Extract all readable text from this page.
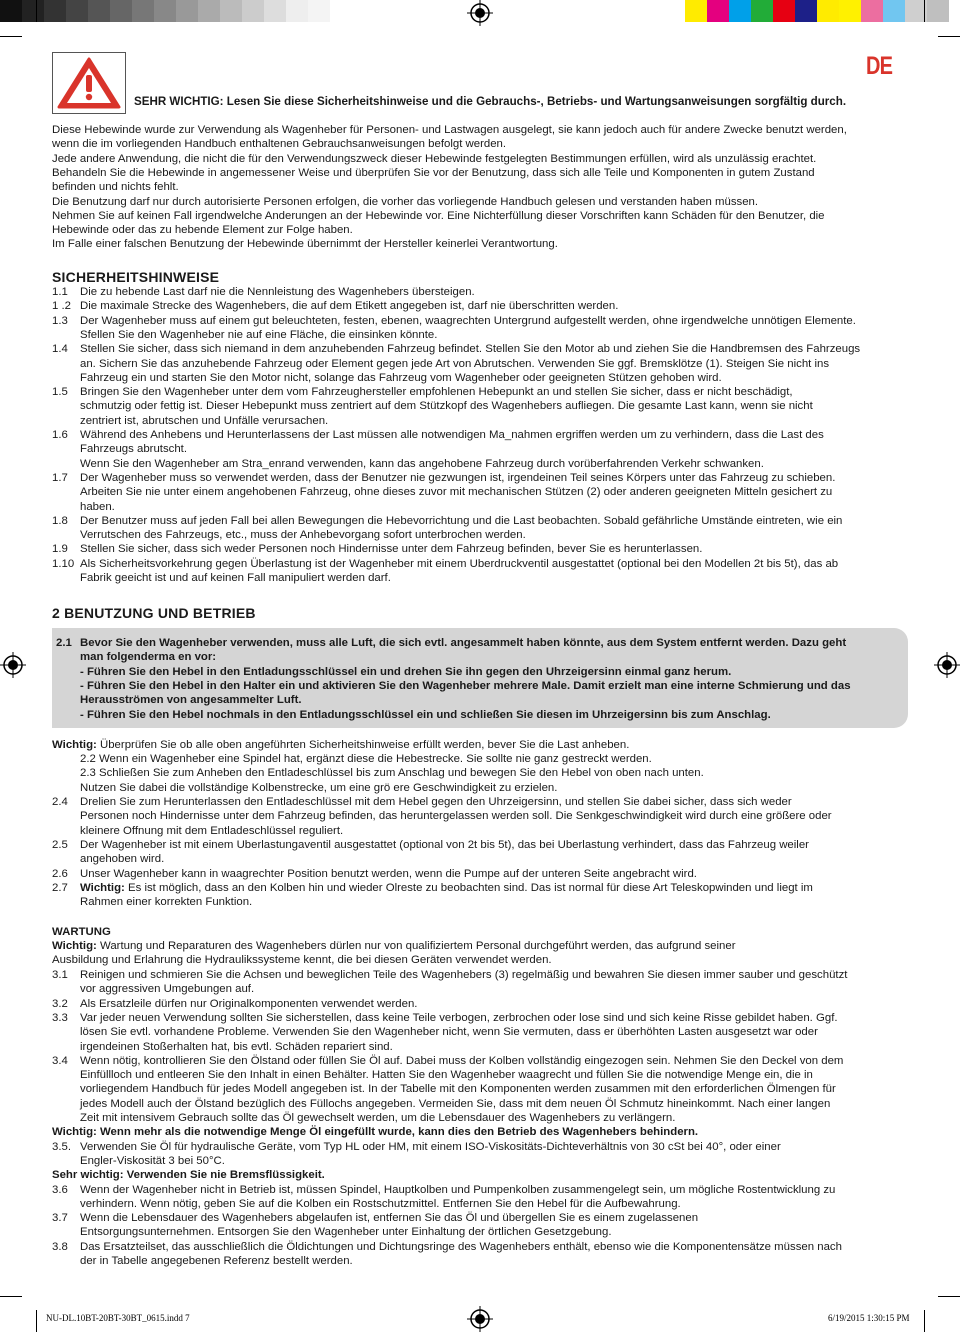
DE
SEHR WICHTIG: Lesen Sie diese Sicherheitshinweise und die Gebrauchs-, Betriebs- und Wartungsanweisungen sorgfältig durch.
Diese Hebewinde wurde zur Verwendung als Wagenheber für Personen- und Lastwagen ausgelegt, sie kann jedoch auch für andere Zwecke benutzt werden,
wenn die im vorliegenden Handbuch enthaltenen Gebrauchsanweisungen befolgt werden.
Jede andere Anwendung, die nicht die für den Verwendungszweck dieser Hebewinde festgelegten Bestimmungen erfüllen, wird als unzulässig erachtet.
Behandeln Sie die Hebewinde in angemessener Weise und überprüfen Sie vor der Benutzung, dass sich alle Teile und Komponenten in gutem Zustand
befinden und nichts fehlt.
Die Benutzung darf nur durch autorisierte Personen erfolgen, die vorher das vorliegende Handbuch gelesen und verstanden haben müssen.
Nehmen Sie auf keinen Fall irgendwelche Anderungen an der Hebewinde vor. Eine Nichterfüllung dieser Vorschriften kann Schäden für den Benutzer, die
Hebewinde oder das zu hebende Element zur Folge haben.
Im Falle einer falschen Benutzung der Hebewinde übernimmt der Hersteller keinerlei Verantwortung.
SICHERHEITSHINWEISE
1.1 Die zu hebende Last darf nie die Nennleistung des Wagenhebers übersteigen.
1 .2 Die maximale Strecke des Wagenhebers, die auf dem Etikett angegeben ist, darf nie überschritten werden.
1.3 Der Wagenheber muss auf einem gut beleuchteten, festen, ebenen, waagrechten Untergrund aufgestellt werden, ohne irgendwelche unnötigen Elemente.
Sfellen Sie den Wagenheber nie auf eine Fläche, die einsinken könnte.
1.4 Stellen Sie sicher, dass sich niemand in dem anzuhebenden Fahrzeug befindet. Stellen Sie den Motor ab und ziehen Sie die Handbremsen des Fahrzeugs
an. Sichern Sie das anzuhebende Fahrzeug oder Element gegen jede Art von Abrutschen. Verwenden Sie ggf. Bremsklötze (1). Steigen Sie nicht ins
Fahrzeug ein und starten Sie den Motor nicht, solange das Fahrzeug vom Wagenheber oder geeigneten Stützen gehoben wird.
1.5 Bringen Sie den Wagenheber unter dem vom Fahrzeughersteller empfohlenen Hebepunkt an und stellen Sie sicher, dass er nicht beschädigt,
schmutzig oder fettig ist. Dieser Hebepunkt muss zentriert auf dem Stützkopf des Wagenhebers aufliegen. Die gesamte Last kann, wenn sie nicht
zentriert ist, abrutschen und Unfälle verursachen.
1.6 Während des Anhebens und Herunterlassens der Last müssen alle notwendigen Ma_nahmen ergriffen werden um zu verhindern, dass die Last des
Fahrzeugs abrutscht.
Wenn Sie den Wagenheber am Stra_enrand verwenden, kann das angehobene Fahrzeug durch vorüberfahrenden Verkehr schwanken.
1.7 Der Wagenheber muss so verwendet werden, dass der Benutzer nie gezwungen ist, irgendeinen Teil seines Körpers unter das Fahrzeug zu schieben.
Arbeiten Sie nie unter einem angehobenen Fahrzeug, ohne dieses zuvor mit mechanischen Stützen (2) oder anderen geeigneten Mitteln gesichert zu
haben.
1.8 Der Benutzer muss auf jeden Fall bei allen Bewegungen die Hebevorrichtung und die Last beobachten. Sobald gefährliche Umstände eintreten, wie ein
Verrutschen des Fahrzeugs, etc., muss der Anhebevorgang sofort unterbrochen werden.
1.9 Stellen Sie sicher, dass sich weder Personen noch Hindernisse unter dem Fahrzeug befinden, bever Sie es herunterlassen.
1.10 Als Sicherheitsvorkehrung gegen Überlastung ist der Wagenheber mit einem Uberdruckventil ausgestattet (optional bei den Modellen 2t bis 5t), das ab
Fabrik geeicht ist und auf keinen Fall manipuliert werden darf.
2 BENUTZUNG UND BETRIEB
2.1 Bevor Sie den Wagenheber verwenden, muss alle Luft, die sich evtl. angesammelt haben könnte, aus dem System entfernt werden. Dazu geht
man folgenderma en vor:
- Führen Sie den Hebel in den Entladungsschlüssel ein und drehen Sie ihn gegen den Uhrzeigersinn einmal ganz herum.
- Führen Sie den Hebel in den Halter ein und aktivieren Sie den Wagenheber mehrere Male. Damit erzielt man eine interne Schmierung und das
Herausströmen von angesammelter Luft.
- Führen Sie den Hebel nochmals in den Entladungsschlüssel ein und schließen Sie diesen im Uhrzeigersinn bis zum Anschlag.
Wichtig: Überprüfen Sie ob alle oben angeführten Sicherheitshinweise erfüllt werden, bever Sie die Last anheben.
2.2 Wenn ein Wagenheber eine Spindel hat, ergänzt diese die Hebestrecke. Sie sollte nie ganz gestreckt werden.
2.3 Schließen Sie zum Anheben den Entladeschlüssel bis zum Anschlag und bewegen Sie den Hebel von oben nach unten.
Nutzen Sie dabei die vollständige Kolbenstrecke, um eine grö ere Geschwindigkeit zu erzielen.
2.4 Drelien Sie zum Herunterlassen den Entladeschlüssel mit dem Hebel gegen den Uhrzeigersinn, und stellen Sie dabei sicher, dass sich weder
Personen noch Hindernisse unter dem Fahrzeug befinden, das heruntergelassen werden soll. Die Senkgeschwindigkeit wird durch eine größere oder
kleinere Offnung mit dem Entladeschlüssel reguliert.
2.5 Der Wagenheber ist mit einem Uberlastungaventil ausgestattet (optional von 2t bis 5t), das bei Uberlastung verhindert, dass das Fahrzeug weiler
angehoben wird.
2.6 Unser Wagenheber kann in waagrechter Position benutzt werden, wenn die Pumpe auf der unteren Seite angebracht wird.
2.7 Wichtig: Es ist möglich, dass an den Kolben hin und wieder Olreste zu beobachten sind. Das ist normal für diese Art Teleskopwinden und liegt im
Rahmen einer korrekten Funktion.
WARTUNG
Wichtig: Wartung und Reparaturen des Wagenhebers dürlen nur von qualifiziertem Personal durchgeführt werden, das aufgrund seiner
Ausbildung und Erlahrung die Hydraulikssysteme kennt, die bei diesen Geräten verwendet werden.
3.1 Reinigen und schmieren Sie die Achsen und beweglichen Teile des Wagenhebers (3) regelmäßig und bewahren Sie diesen immer sauber und geschützt
vor aggressiven Umgebungen auf.
3.2 Als Ersatzleile dürfen nur Originalkomponenten verwendet werden.
3.3 Var jeder neuen Verwendung sollten Sie sicherstellen, dass keine Teile verbogen, zerbrochen oder lose sind und sich keine Risse gebildet haben. Ggf.
lösen Sie evtl. vorhandene Probleme. Verwenden Sie den Wagenheber nicht, wenn Sie vermuten, dass er überhöhten Lasten ausgesetzt war oder
irgendeinen Stoßerhalten hat, bis evtl. Schäden repariert sind.
3.4 Wenn nötig, kontrollieren Sie den Ölstand oder füllen Sie Öl auf. Dabei muss der Kolben vollständig eingezogen sein. Nehmen Sie den Deckel von dem
Einfüllloch und entleeren Sie den Inhalt in einen Behälter. Hatten Sie den Wagenheber waagrecht und füllen Sie die notwendige Menge ein, die in
vorliegendem Handbuch für jedes Modell angegeben ist. In der Tabelle mit den Komponenten werden zusammen mit den erforderlichen Ölmengen für
jedes Modell auch der Ölstand bezüglich des Füllochs angegeben. Vermeiden Sie, dass mit dem neuen Öl Schmutz hineinkommt. Nach einer langen
Zeit mit intensivem Gebrauch sollte das Öl gewechselt werden, um die Lebensdauer des Wagenhebers zu verlängern.
Wichtig: Wenn mehr als die notwendige Menge Öl eingefüllt wurde, kann dies den Betrieb des Wagenhebers behindern.
3.5. Verwenden Sie Öl für hydraulische Geräte, vom Typ HL oder HM, mit einem ISO-Viskositäts-Dichteverhältnis von 30 cSt bei 40°, oder einer
Engler-Viskosität 3 bei 50°C.
Sehr wichtig: Verwenden Sie nie Bremsflüssigkeit.
3.6 Wenn der Wagenheber nicht in Betrieb ist, müssen Spindel, Hauptkolben und Pumpenkolben zusammengelegt sein, um mögliche Rostentwicklung zu
verhindern. Wenn nötig, geben Sie auf die Kolben ein Rostschutzmittel. Entfernen Sie den Hebel für die Aufbewahrung.
3.7 Wenn die Lebensdauer des Wagenhebers abgelaufen ist, entfernen Sie das Öl und übergellen Sie es einem zugelassenen
Entsorgungsunternehmen. Entsorgen Sie den Wagenheber unter Einhaltung der örtlichen Gesetzgebung.
3.8 Das Ersatzteilset, das ausschließlich die Öldichtungen und Dichtungsringe des Wagenhebers enthält, ebenso wie die Komponentensätze müssen nach
der in Tabelle angegebenen Referenz bestellt werden.
NU-DL.10BT-20BT-30BT_0615.indd 7	6/19/2015 1:30:15 PM
